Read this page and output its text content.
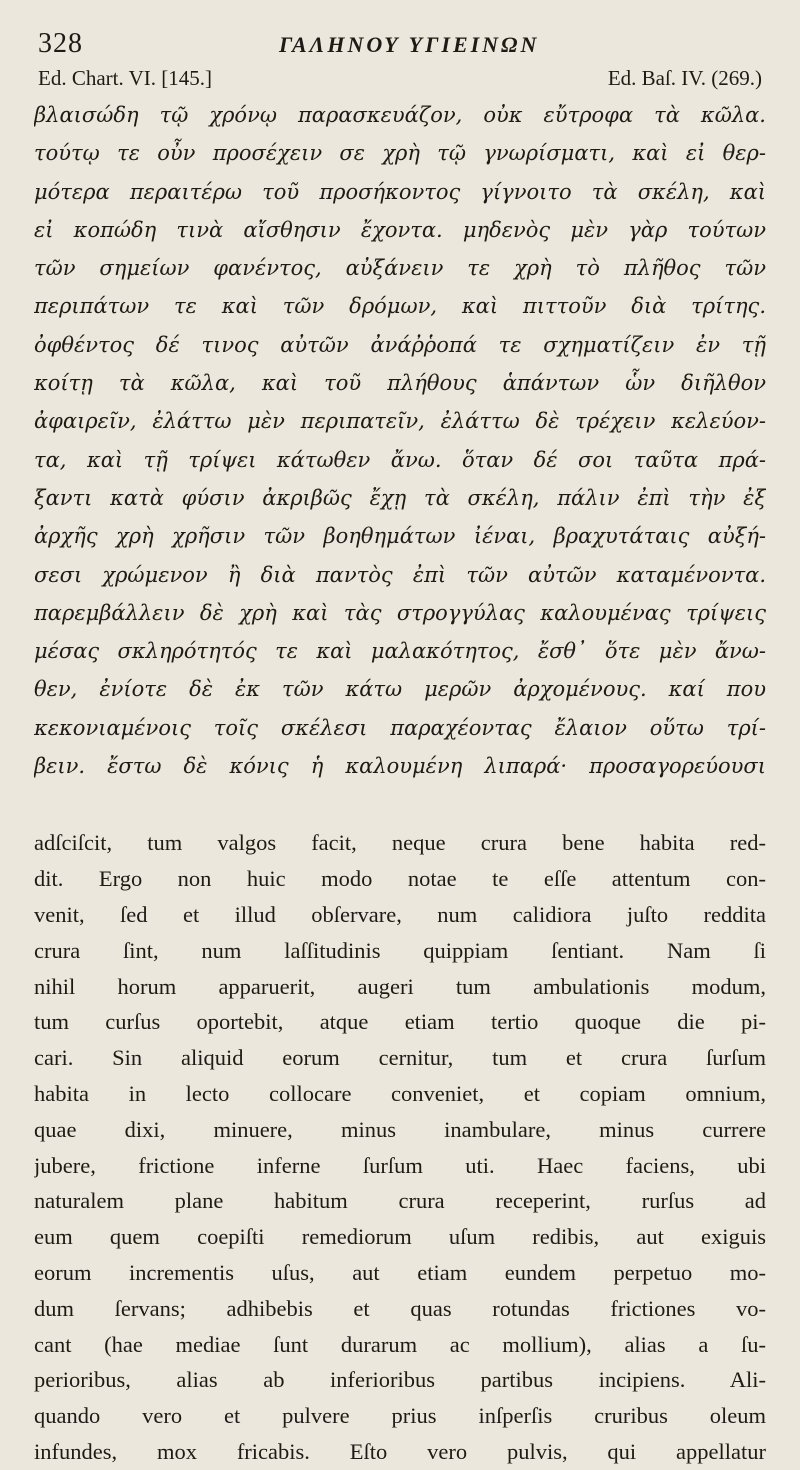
328	ΓΑΛΗΝΟΥ ΥΓΙΕΙΝΩΝ
Ed. Chart. VI. [145.]	Ed. Baſ. IV. (269.)
βλαισώδη τῷ χρόνῳ παρασκευάζον, οὐκ εὔτροφα τὰ κῶλα.
τούτῳ τε οὖν προσέχειν σε χρὴ τῷ γνωρίσματι, καὶ εἰ θερ-
μότερα περαιτέρω τοῦ προσήκοντος γίγνοιτο τὰ σκέλη, καὶ
εἰ κοπώδη τινὰ αἴσθησιν ἔχοντα. μηδενὸς μὲν γὰρ τούτων
τῶν σημείων φανέντος, αὐξάνειν τε χρὴ τὸ πλῆθος τῶν
περιπάτων τε καὶ τῶν δρόμων, καὶ πιττοῦν διὰ τρίτης.
ὀφθέντος δέ τινος αὐτῶν ἀνάῤῥοπά τε σχηματίζειν ἐν τῇ
κοίτῃ τὰ κῶλα, καὶ τοῦ πλήθους ἁπάντων ὧν διῆλθον
ἀφαιρεῖν, ἐλάττω μὲν περιπατεῖν, ἐλάττω δὲ τρέχειν κελεύον-
τα, καὶ τῇ τρίψει κάτωθεν ἄνω. ὅταν δέ σοι ταῦτα πρά-
ξαντι κατὰ φύσιν ἀκριβῶς ἔχῃ τὰ σκέλη, πάλιν ἐπὶ τὴν ἐξ
ἀρχῆς χρὴ χρῆσιν τῶν βοηθημάτων ἰέναι, βραχυτάταις αὐξή-
σεσι χρώμενον ἢ διὰ παντὸς ἐπὶ τῶν αὐτῶν καταμένοντα.
παρεμβάλλειν δὲ χρὴ καὶ τὰς στρογγύλας καλουμένας τρίψεις
μέσας σκληρότητός τε καὶ μαλακότητος, ἔσθ᾽ ὅτε μὲν ἄνω-
θεν, ἐνίοτε δὲ ἐκ τῶν κάτω μερῶν ἀρχομένους. καί που
κεκονιαμένοις τοῖς σκέλεσι παραχέοντας ἔλαιον οὕτω τρί-
βειν. ἔστω δὲ κόνις ἡ καλουμένη λιπαρά· προσαγορεύουσι
adſciſcit, tum valgos facit, neque crura bene habita red-
dit. Ergo non huic modo notae te eſſe attentum con-
venit, ſed et illud obſervare, num calidiora juſto reddita
crura ſint, num laſſitudinis quippiam ſentiant. Nam ſi
nihil horum apparuerit, augeri tum ambulationis modum,
tum curſus oportebit, atque etiam tertio quoque die pi-
cari. Sin aliquid eorum cernitur, tum et crura ſurſum
habita in lecto collocare conveniet, et copiam omnium,
quae dixi, minuere, minus inambulare, minus currere
jubere, frictione inferne ſurſum uti. Haec faciens, ubi
naturalem plane habitum crura receperint, rurſus ad
eum quem coepiſti remediorum uſum redibis, aut exiguis
eorum incrementis uſus, aut etiam eundem perpetuo mo-
dum ſervans; adhibebis et quas rotundas frictiones vo-
cant (hae mediae ſunt durarum ac mollium), alias a ſu-
perioribus, alias ab inferioribus partibus incipiens. Ali-
quando vero et pulvere prius inſperſis cruribus oleum
infundes, mox fricabis. Eſto vero pulvis, qui appellatur
